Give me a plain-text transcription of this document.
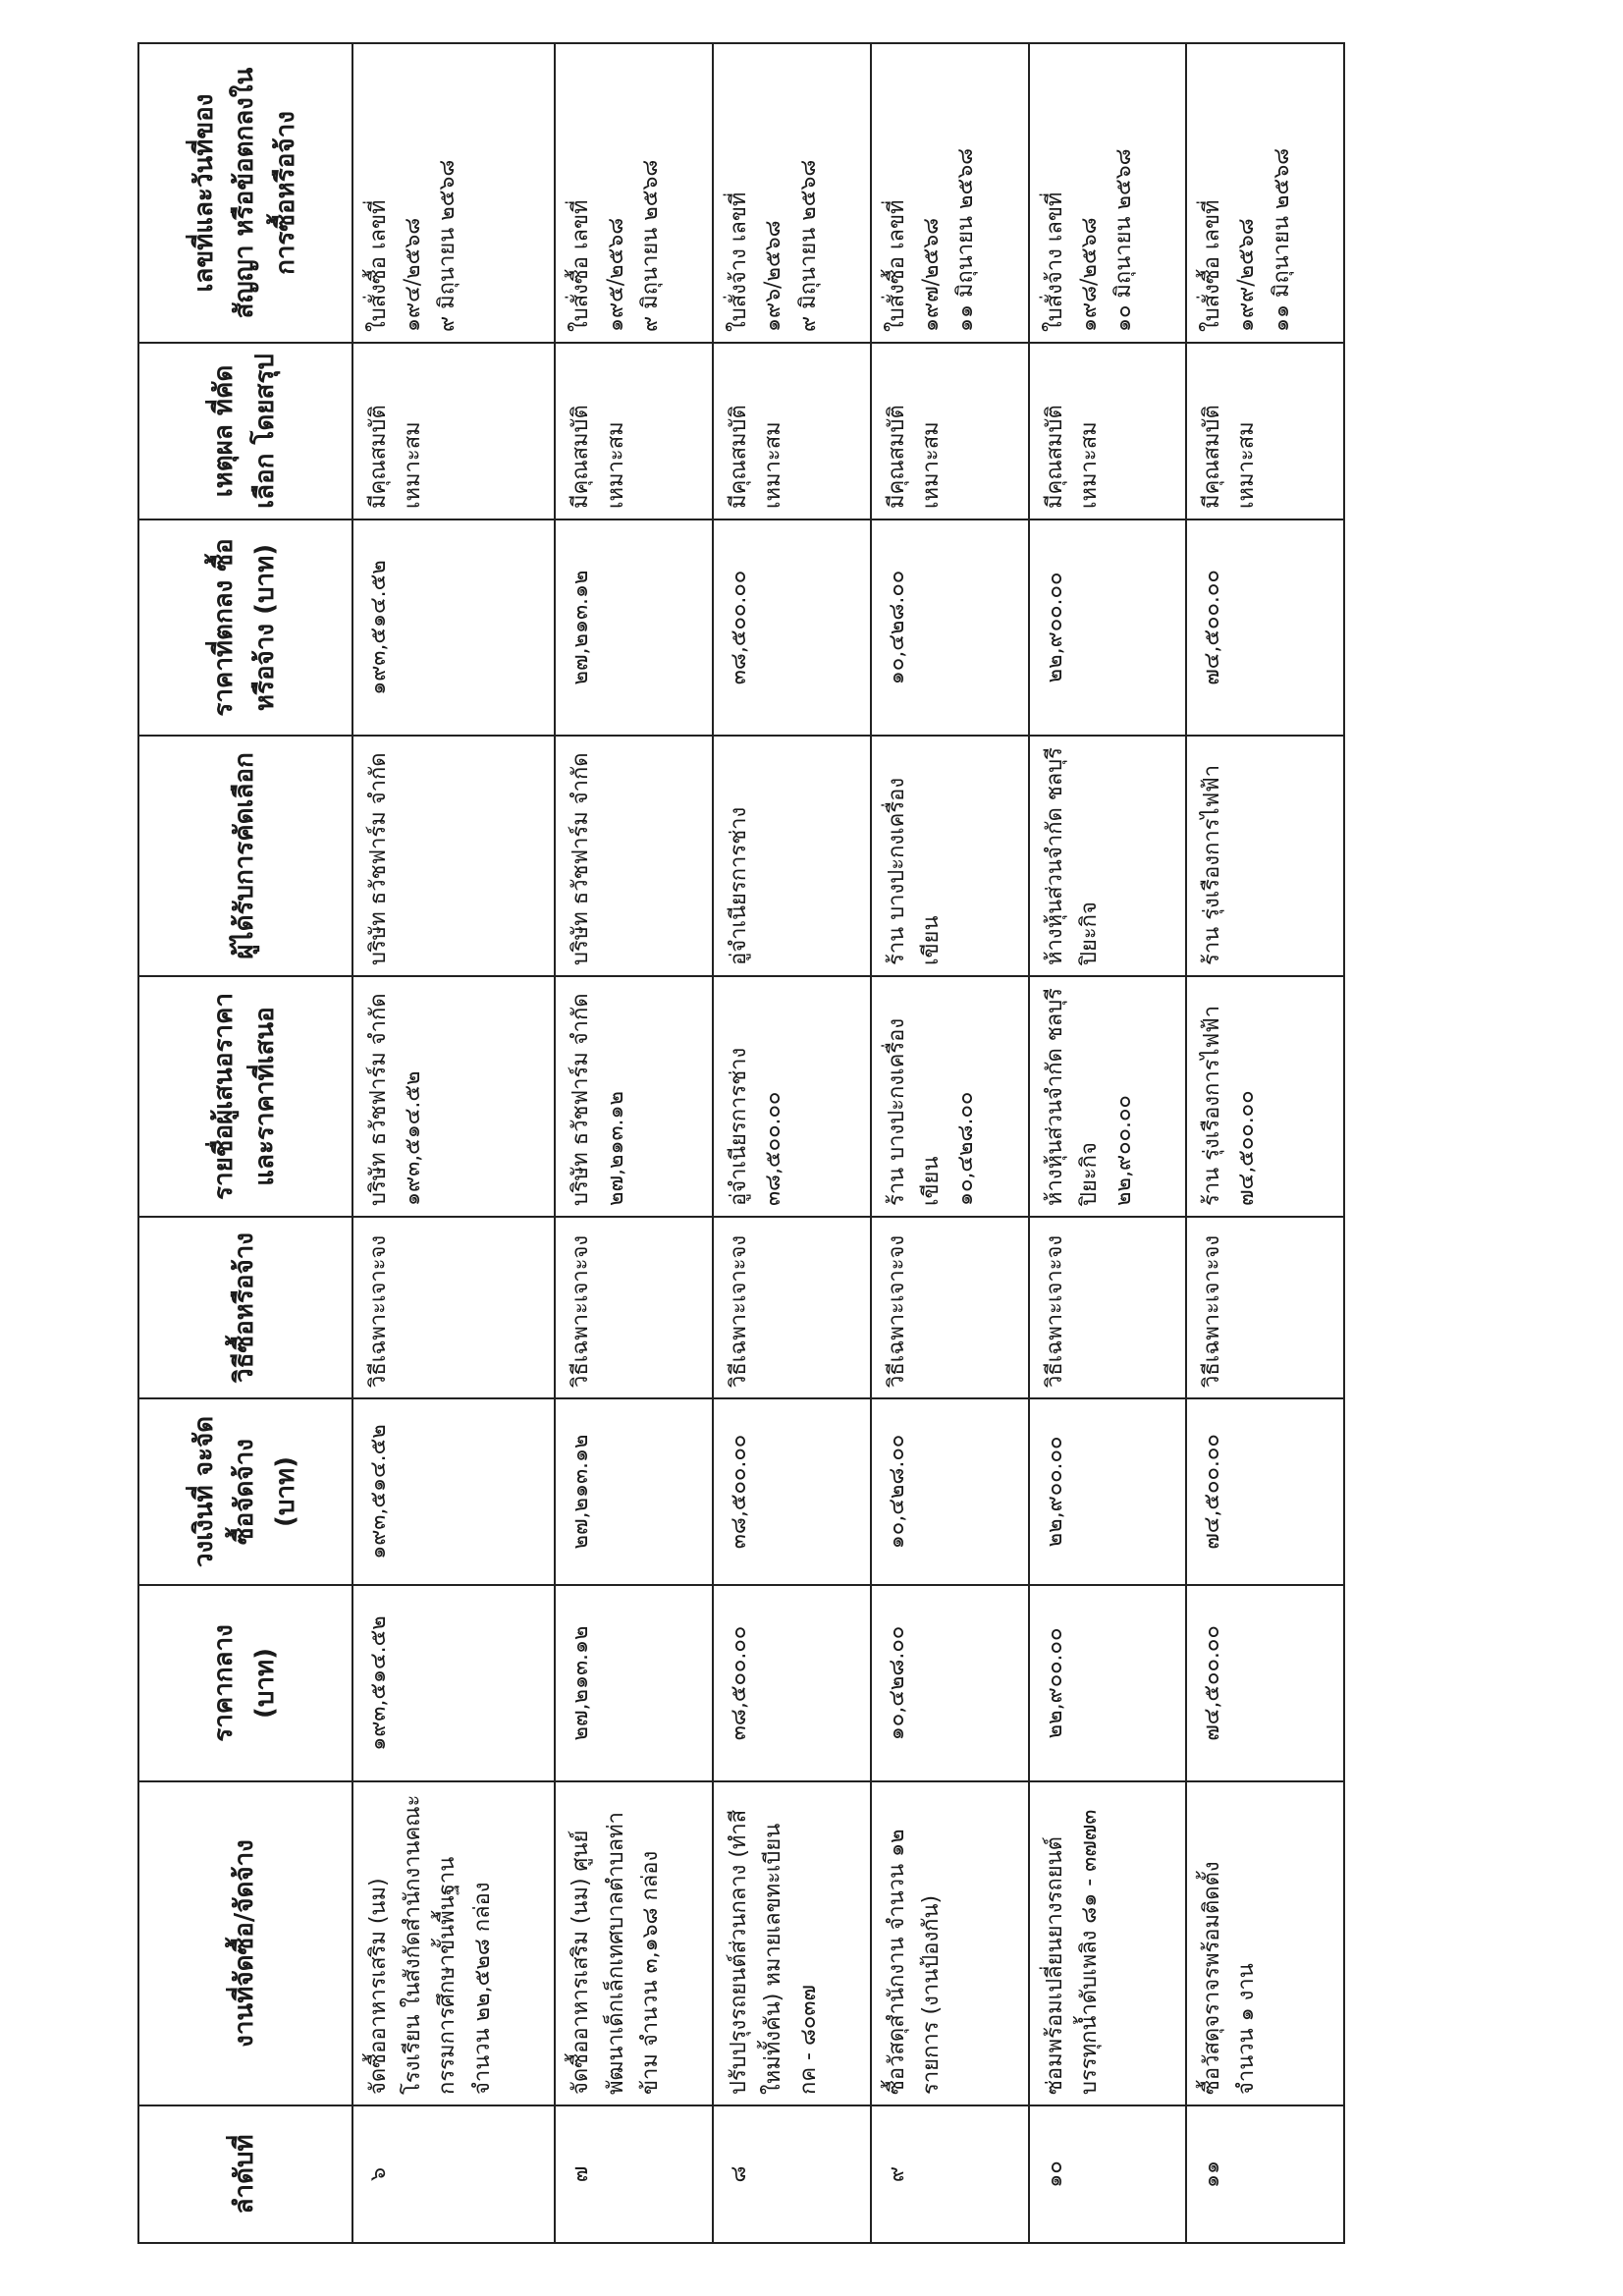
ลำดับที่	งานที่จัดซื้อ/จัดจ้าง	ราคากลาง (บาท)	วงเงินที่ จะจัดซื้อจัดจ้าง (บาท)	วิธีซื้อหรือจ้าง	รายชื่อผู้เสนอราคา และราคาที่เสนอ	ผู้ได้รับการคัดเลือก	ราคาที่ตกลง ซื้อหรือจ้าง (บาท)	เหตุผล ที่คัดเลือก โดยสรุป	เลขที่และวันที่ของ สัญญา หรือข้อตกลงใน การซื้อหรือจ้าง

๖	จัดซื้ออาหารเสริม (นม) โรงเรียน ในสังกัดสำนักงานคณะกรรมการศึกษาขั้นพื้นฐาน จำนวน ๒๒,๕๒๘ กล่อง	๑๙๓,๕๑๔.๕๒	๑๙๓,๕๑๔.๕๒	วิธีเฉพาะเจาะจง	บริษัท ธวัชฟาร์ม จำกัด ๑๙๓,๕๑๔.๕๒	บริษัท ธวัชฟาร์ม จำกัด	๑๙๓,๕๑๔.๕๒	มีคุณสมบัติเหมาะสม	ใบสั่งซื้อ เลขที่ ๑๙๔/๒๕๖๘ ๙ มิถุนายน ๒๕๖๘

๗	จัดซื้ออาหารเสริม (นม) ศูนย์พัฒนาเด็กเล็กเทศบาลตำบลท่าข้าม จำนวน ๓,๑๖๘ กล่อง	๒๗,๒๑๓.๑๒	๒๗,๒๑๓.๑๒	วิธีเฉพาะเจาะจง	บริษัท ธวัชฟาร์ม จำกัด ๒๗,๒๑๓.๑๒	บริษัท ธวัชฟาร์ม จำกัด	๒๗,๒๑๓.๑๒	มีคุณสมบัติเหมาะสม	ใบสั่งซื้อ เลขที่ ๑๙๕/๒๕๖๘ ๙ มิถุนายน ๒๕๖๘

๘	ปรับปรุงรถยนต์ส่วนกลาง (ทำสีใหม่ทั้งคัน) หมายเลขทะเบียน กค - ๘๐๓๗	๓๘,๕๐๐.๐๐	๓๘,๕๐๐.๐๐	วิธีเฉพาะเจาะจง	อู่จำเนียรการช่าง ๓๘,๕๐๐.๐๐	อู่จำเนียรการช่าง	๓๘,๕๐๐.๐๐	มีคุณสมบัติเหมาะสม	ใบสั่งจ้าง เลขที่ ๑๙๖/๒๕๖๘ ๙ มิถุนายน ๒๕๖๘

๙	ซื้อวัสดุสำนักงาน จำนวน ๑๒ รายการ (งานป้องกัน)	๑๐,๔๒๘.๐๐	๑๐,๔๒๘.๐๐	วิธีเฉพาะเจาะจง	ร้าน บางปะกงเครื่องเขียน ๑๐,๔๒๘.๐๐	ร้าน บางปะกงเครื่องเขียน	๑๐,๔๒๘.๐๐	มีคุณสมบัติเหมาะสม	ใบสั่งซื้อ เลขที่ ๑๙๗/๒๕๖๘ ๑๑ มิถุนายน ๒๕๖๘

๑๐	ซ่อมพร้อมเปลี่ยนยางรถยนต์บรรทุกน้ำดับเพลิง ๘๑ - ๓๗๗๓	๒๒,๙๐๐.๐๐	๒๒,๙๐๐.๐๐	วิธีเฉพาะเจาะจง	ห้างหุ้นส่วนจำกัด ชลบุรีปิยะกิจ ๒๒,๙๐๐.๐๐	ห้างหุ้นส่วนจำกัด ชลบุรีปิยะกิจ	๒๒,๙๐๐.๐๐	มีคุณสมบัติเหมาะสม	ใบสั่งจ้าง เลขที่ ๑๙๘/๒๕๖๘ ๑๐ มิถุนายน ๒๕๖๘

๑๑	ซื้อวัสดุจราจรพร้อมติดตั้ง จำนวน ๑ งาน	๗๔,๕๐๐.๐๐	๗๔,๕๐๐.๐๐	วิธีเฉพาะเจาะจง	ร้าน รุ่งเรืองการไฟฟ้า ๗๔,๕๐๐.๐๐	ร้าน รุ่งเรืองการไฟฟ้า	๗๔,๕๐๐.๐๐	มีคุณสมบัติเหมาะสม	ใบสั่งซื้อ เลขที่ ๑๙๙/๒๕๖๘ ๑๑ มิถุนายน ๒๕๖๘
